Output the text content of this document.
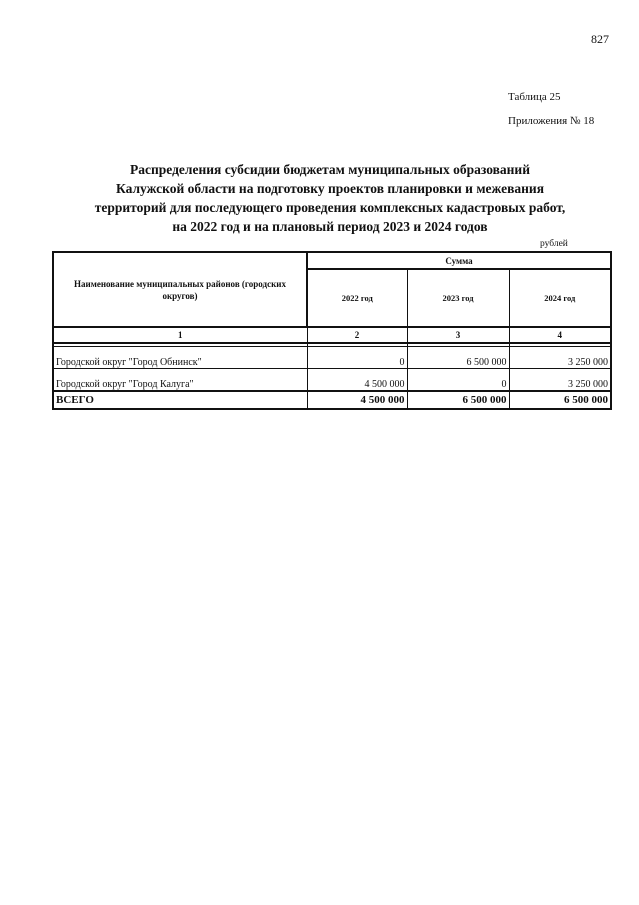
827
Таблица 25
Приложения № 18
Распределения субсидии бюджетам муниципальных образований
Калужской области на подготовку проектов планировки и межевания
территорий для последующего проведения комплексных кадастровых работ,
на 2022 год и на плановый период 2023 и 2024 годов
рублей
Наименование муниципальных районов (городских округов)	Сумма		
	2022 год	2023 год	2024 год
1	2	3	4

Городской округ "Город Обнинск"	0	6 500 000	3 250 000
Городской округ "Город Калуга"	4 500 000	0	3 250 000
ВСЕГО	4 500 000	6 500 000	6 500 000
